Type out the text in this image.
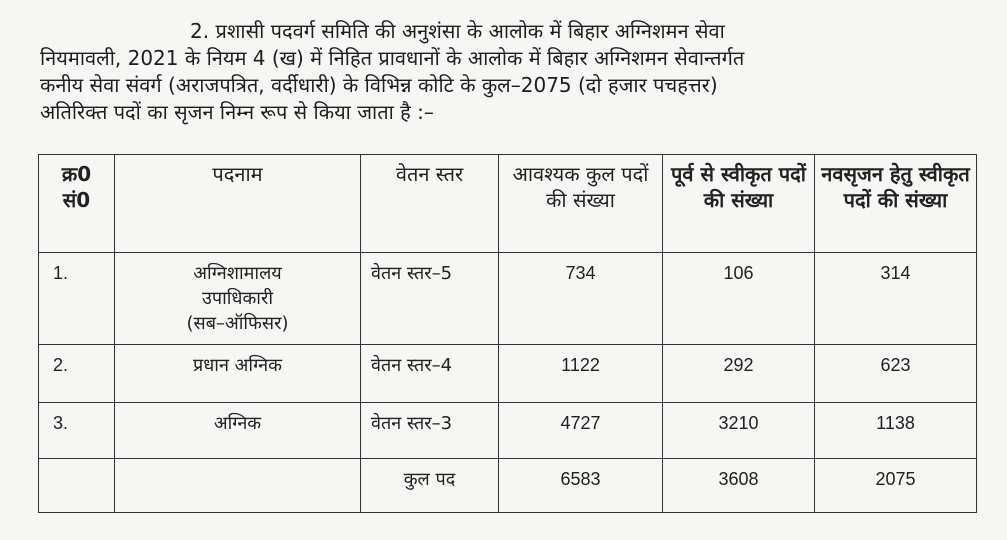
2. प्रशासी पदवर्ग समिति की अनुशंसा के आलोक में बिहार अग्निशमन सेवा
नियमावली, 2021 के नियम 4 (ख) में निहित प्रावधानों के आलोक में बिहार अग्निशमन सेवान्तर्गत
कनीय सेवा संवर्ग (अराजपत्रित, वर्दीधारी) के विभिन्न कोटि के कुल–2075 (दो हजार पचहत्तर)
अतिरिक्त पदों का सृजन निम्न रूप से किया जाता है :–
क्र0
सं0	पदनाम	वेतन स्तर	आवश्यक कुल पदों की संख्या	पूर्व से स्वीकृत पदों की संख्या	नवसृजन हेतु स्वीकृत पदों की संख्या
1.	अग्निशामालय
उपाधिकारी
(सब–ऑफिसर)	वेतन स्तर–5	734	106	314
2.	प्रधान अग्निक	वेतन स्तर–4	1122	292	623
3.	अग्निक	वेतन स्तर–3	4727	3210	1138
		कुल पद	6583	3608	2075
